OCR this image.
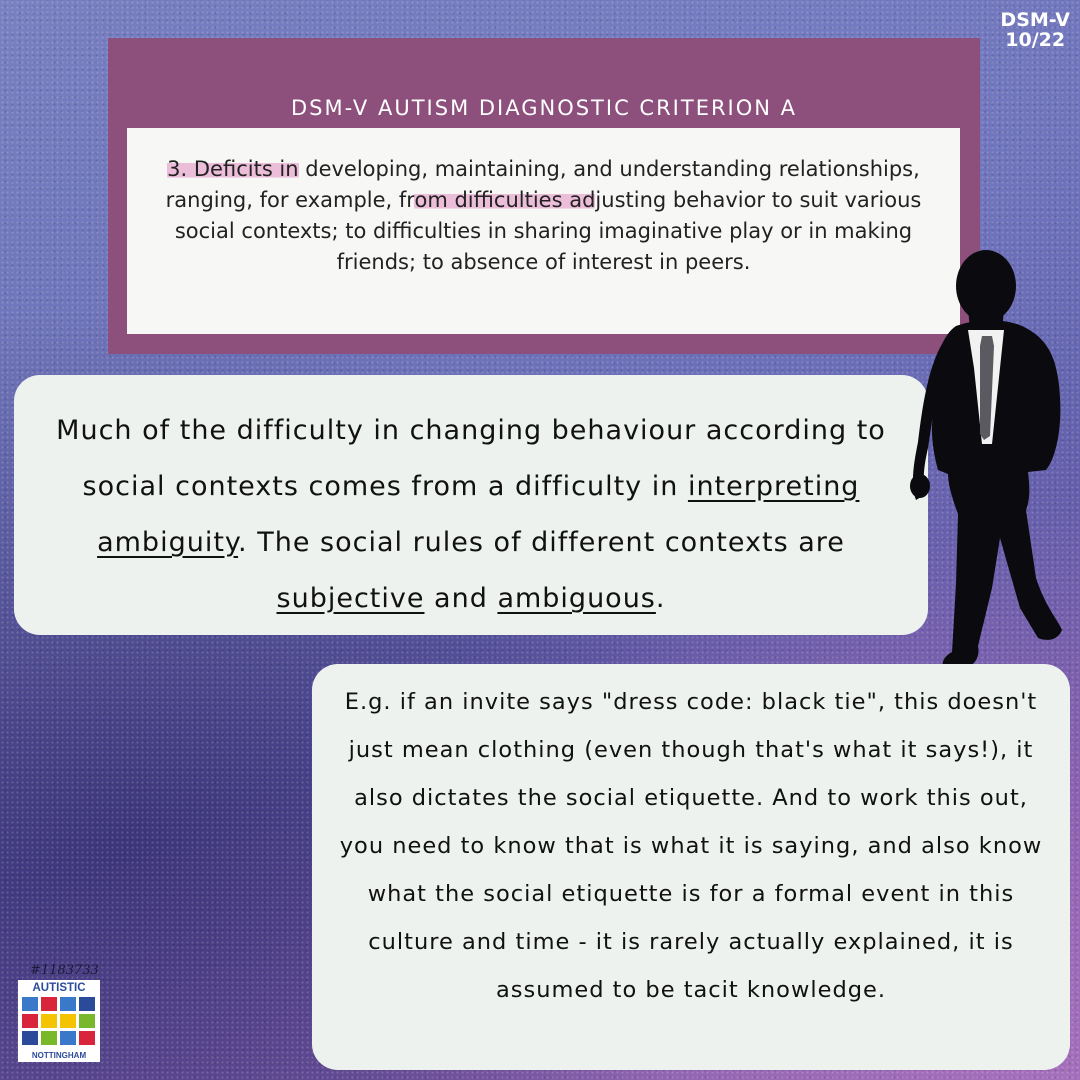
DSM-V
10/22
DSM-V AUTISM DIAGNOSTIC CRITERION A

3. Deficits in developing, maintaining, and understanding relationships, ranging, for example, from difficulties adjusting behavior to suit various social contexts; to difficulties in sharing imaginative play or in making friends; to absence of interest in peers.

Much of the difficulty in changing behaviour according to social contexts comes from a difficulty in interpreting ambiguity. The social rules of different contexts are subjective and ambiguous.

E.g. if an invite says "dress code: black tie", this doesn't just mean clothing (even though that's what it says!), it also dictates the social etiquette. And to work this out, you need to know that is what it is saying, and also know what the social etiquette is for a formal event in this culture and time - it is rarely actually explained, it is assumed to be tacit knowledge.

#1183733
AUTISTIC
NOTTINGHAM
